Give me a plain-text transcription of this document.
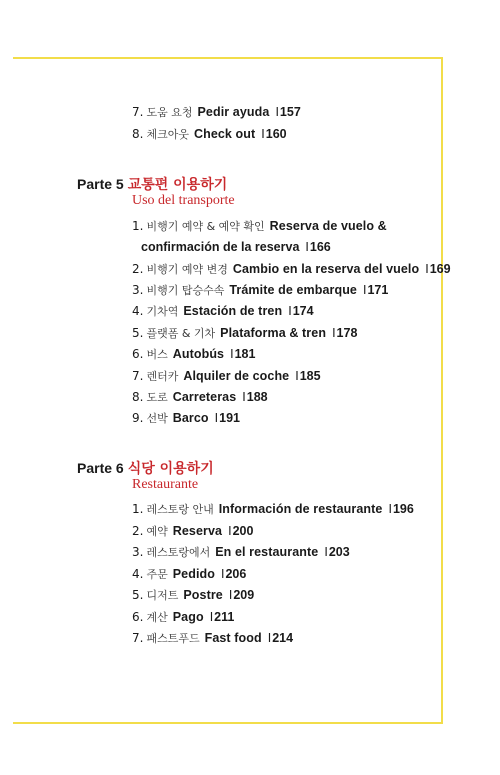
7. 도움 요청 Pedir ayuda I 157
8. 체크아웃 Check out I 160
Parte 5 교통편 이용하기
Uso del transporte
1. 비행기 예약 & 예약 확인 Reserva de vuelo &
confirmación de la reserva I 166
2. 비행기 예약 변경 Cambio en la reserva del vuelo I 169
3. 비행기 탑승수속 Trámite de embarque I 171
4. 기차역 Estación de tren I 174
5. 플랫폼 & 기차 Plataforma & tren I 178
6. 버스 Autobús I 181
7. 렌터카 Alquiler de coche I 185
8. 도로 Carreteras I 188
9. 선박 Barco I 191
Parte 6 식당 이용하기
Restaurante
1. 레스토랑 안내 Información de restaurante I 196
2. 예약 Reserva I 200
3. 레스토랑에서 En el restaurante I 203
4. 주문 Pedido I 206
5. 디저트 Postre I 209
6. 계산 Pago I 211
7. 패스트푸드 Fast food I 214
